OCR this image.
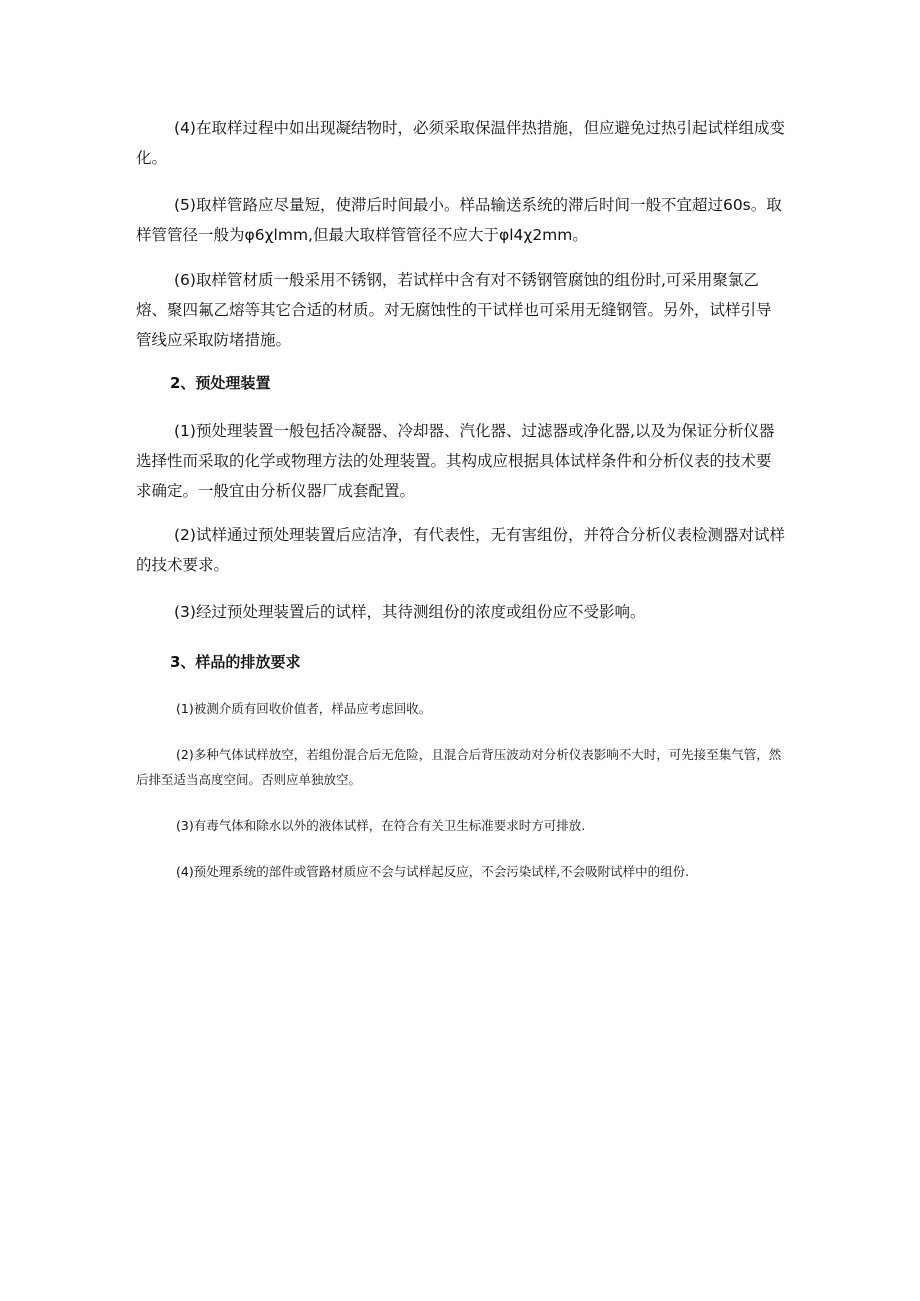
(4)在取样过程中如出现凝结物时，必须采取保温伴热措施，但应避免过热引起试样组成变化。

(5)取样管路应尽量短，使滞后时间最小。样品输送系统的滞后时间一般不宜超过60s。取样管管径一般为φ6χlmm,但最大取样管管径不应大于φl4χ2mm。

(6)取样管材质一般采用不锈钢，若试样中含有对不锈钢管腐蚀的组份时,可采用聚氯乙熔、聚四氟乙熔等其它合适的材质。对无腐蚀性的干试样也可采用无缝钢管。另外，试样引导管线应采取防堵措施。

2、预处理装置

(1)预处理装置一般包括冷凝器、冷却器、汽化器、过滤器或净化器,以及为保证分析仪器选择性而采取的化学或物理方法的处理装置。其构成应根据具体试样条件和分析仪表的技术要求确定。一般宜由分析仪器厂成套配置。

(2)试样通过预处理装置后应洁净，有代表性，无有害组份，并符合分析仪表检测器对试样的技术要求。

(3)经过预处理装置后的试样，其待测组份的浓度或组份应不受影响。

3、样品的排放要求

(1)被测介质有回收价值者，样品应考虑回收。

(2)多种气体试样放空，若组份混合后无危险，且混合后背压波动对分析仪表影响不大时，可先接至集气管，然后排至适当高度空间。否则应单独放空。

(3)有毒气体和除水以外的液体试样，在符合有关卫生标准要求时方可排放.

(4)预处理系统的部件或管路材质应不会与试样起反应，不会污染试样,不会吸附试样中的组份.
